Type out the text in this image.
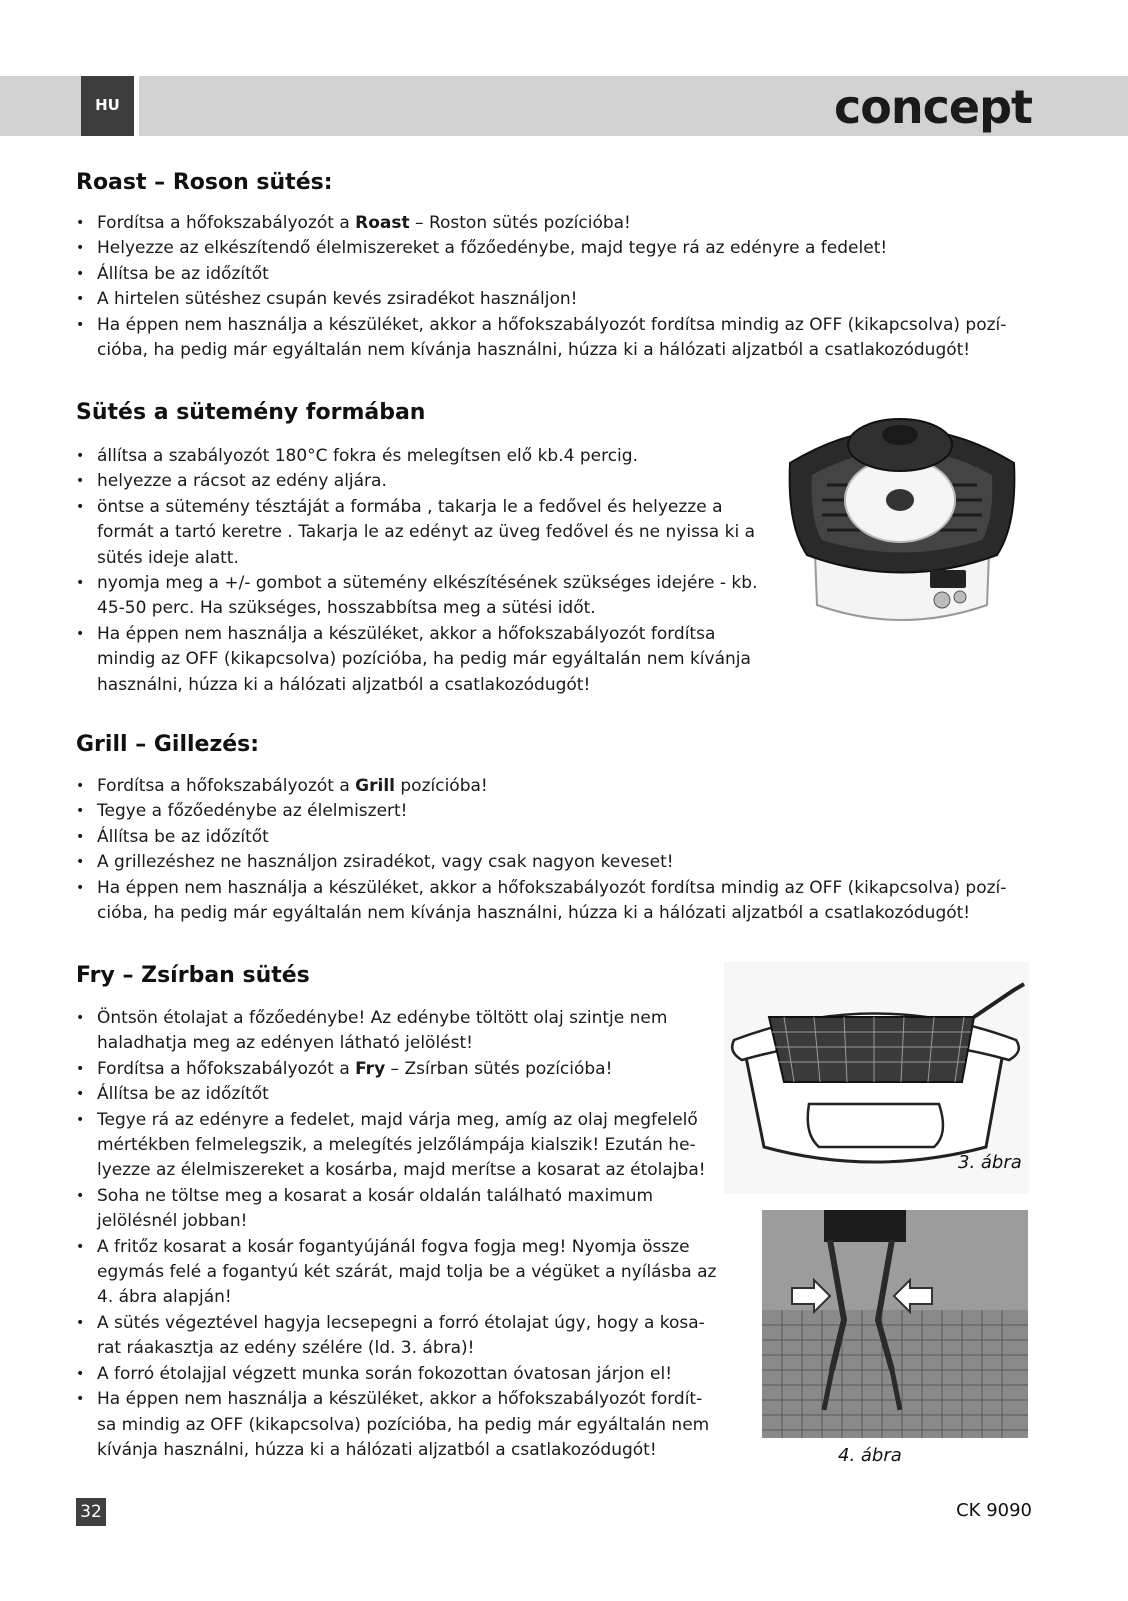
HU	concept
Roast – Roson sütés:
• Fordítsa a hőfokszabályozót a Roast – Roston sütés pozícióba!
• Helyezze az elkészítendő élelmiszereket a főzőedénybe, majd tegye rá az edényre a fedelet!
• Állítsa be az időzítőt
• A hirtelen sütéshez csupán kevés zsiradékot használjon!
• Ha éppen nem használja a készüléket, akkor a hőfokszabályozót fordítsa mindig az OFF (kikapcsolva) pozí-
cióba, ha pedig már egyáltalán nem kívánja használni, húzza ki a hálózati aljzatból a csatlakozódugót!
Sütés a sütemény formában
• állítsa a szabályozót 180°C fokra és melegítsen elő kb.4 percig.
• helyezze a rácsot az edény aljára.
• öntse a sütemény tésztáját a formába , takarja le a fedővel és helyezze a
formát a tartó keretre . Takarja le az edényt az üveg fedővel és ne nyissa ki a
sütés ideje alatt.
• nyomja meg a +/- gombot a sütemény elkészítésének szükséges idejére - kb.
45-50 perc. Ha szükséges, hosszabbítsa meg a sütési időt.
• Ha éppen nem használja a készüléket, akkor a hőfokszabályozót fordítsa
mindig az OFF (kikapcsolva) pozícióba, ha pedig már egyáltalán nem kívánja
használni, húzza ki a hálózati aljzatból a csatlakozódugót!
Grill – Gillezés:
• Fordítsa a hőfokszabályozót a Grill pozícióba!
• Tegye a főzőedénybe az élelmiszert!
• Állítsa be az időzítőt
• A grillezéshez ne használjon zsiradékot, vagy csak nagyon keveset!
• Ha éppen nem használja a készüléket, akkor a hőfokszabályozót fordítsa mindig az OFF (kikapcsolva) pozí-
cióba, ha pedig már egyáltalán nem kívánja használni, húzza ki a hálózati aljzatból a csatlakozódugót!
Fry – Zsírban sütés
• Öntsön étolajat a főzőedénybe! Az edénybe töltött olaj szintje nem
haladhatja meg az edényen látható jelölést!
• Fordítsa a hőfokszabályozót a Fry – Zsírban sütés pozícióba!
• Állítsa be az időzítőt
• Tegye rá az edényre a fedelet, majd várja meg, amíg az olaj megfelelő
mértékben felmelegszik, a melegítés jelzőlámpája kialszik! Ezután he-
lyezze az élelmiszereket a kosárba, majd merítse a kosarat az étolajba!
• Soha ne töltse meg a kosarat a kosár oldalán található maximum
jelölésnél jobban!
• A fritőz kosarat a kosár fogantyújánál fogva fogja meg! Nyomja össze
egymás felé a fogantyú két szárát, majd tolja be a végüket a nyílásba az
4. ábra alapján!
• A sütés végeztével hagyja lecsepegni a forró étolajat úgy, hogy a kosa-
rat ráakasztja az edény szélére (ld. 3. ábra)!
• A forró étolajjal végzett munka során fokozottan óvatosan járjon el!
• Ha éppen nem használja a készüléket, akkor a hőfokszabályozót fordít-
sa mindig az OFF (kikapcsolva) pozícióba, ha pedig már egyáltalán nem
kívánja használni, húzza ki a hálózati aljzatból a csatlakozódugót!
3. ábra
4. ábra
32	CK 9090
